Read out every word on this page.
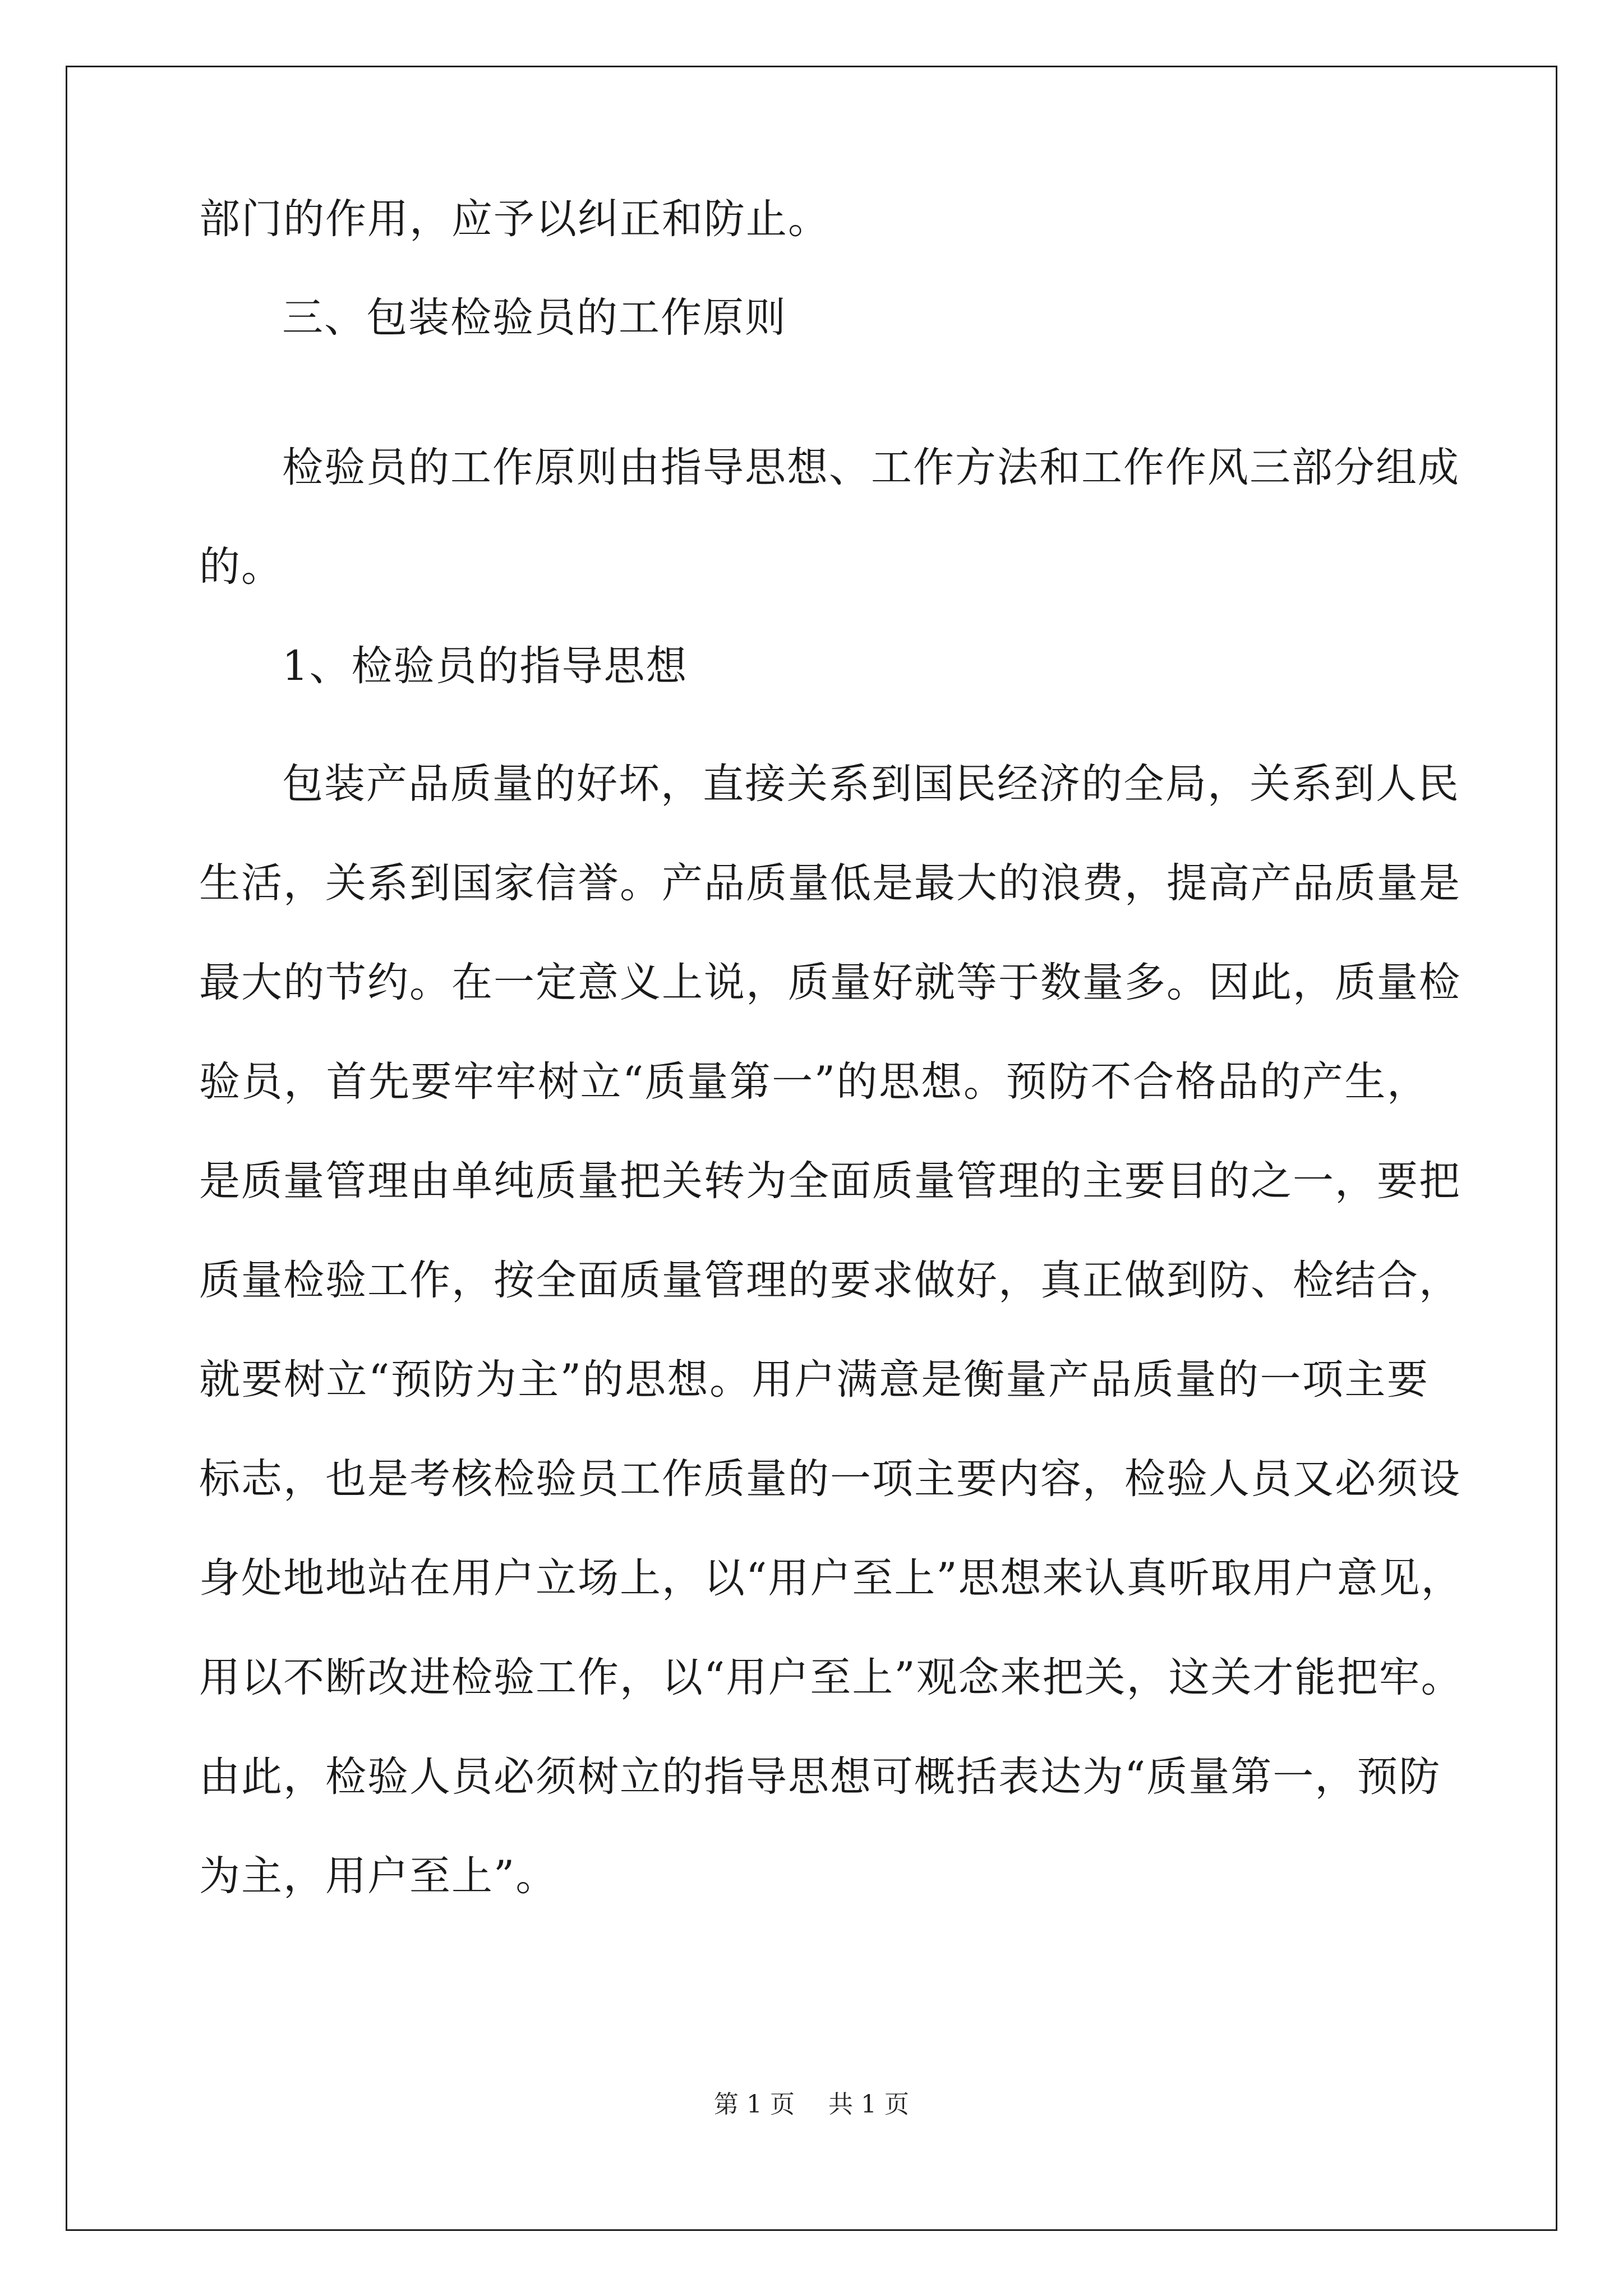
部门的作用，应予以纠正和防止。
三、包装检验员的工作原则
检验员的工作原则由指导思想、工作方法和工作作风三部分组成
的。
1、检验员的指导思想
包装产品质量的好坏，直接关系到国民经济的全局，关系到人民
生活，关系到国家信誉。产品质量低是最大的浪费，提高产品质量是
最大的节约。在一定意义上说，质量好就等于数量多。因此，质量检
验员，首先要牢牢树立“质量第一”的思想。预防不合格品的产生，
是质量管理由单纯质量把关转为全面质量管理的主要目的之一，要把
质量检验工作，按全面质量管理的要求做好，真正做到防、检结合，
就要树立“预防为主”的思想。用户满意是衡量产品质量的一项主要
标志，也是考核检验员工作质量的一项主要内容，检验人员又必须设
身处地地站在用户立场上，以“用户至上”思想来认真听取用户意见，
用以不断改进检验工作，以“用户至上”观念来把关，这关才能把牢。
由此，检验人员必须树立的指导思想可概括表达为“质量第一，预防
为主，用户至上”。
第 1 页 共 1 页
